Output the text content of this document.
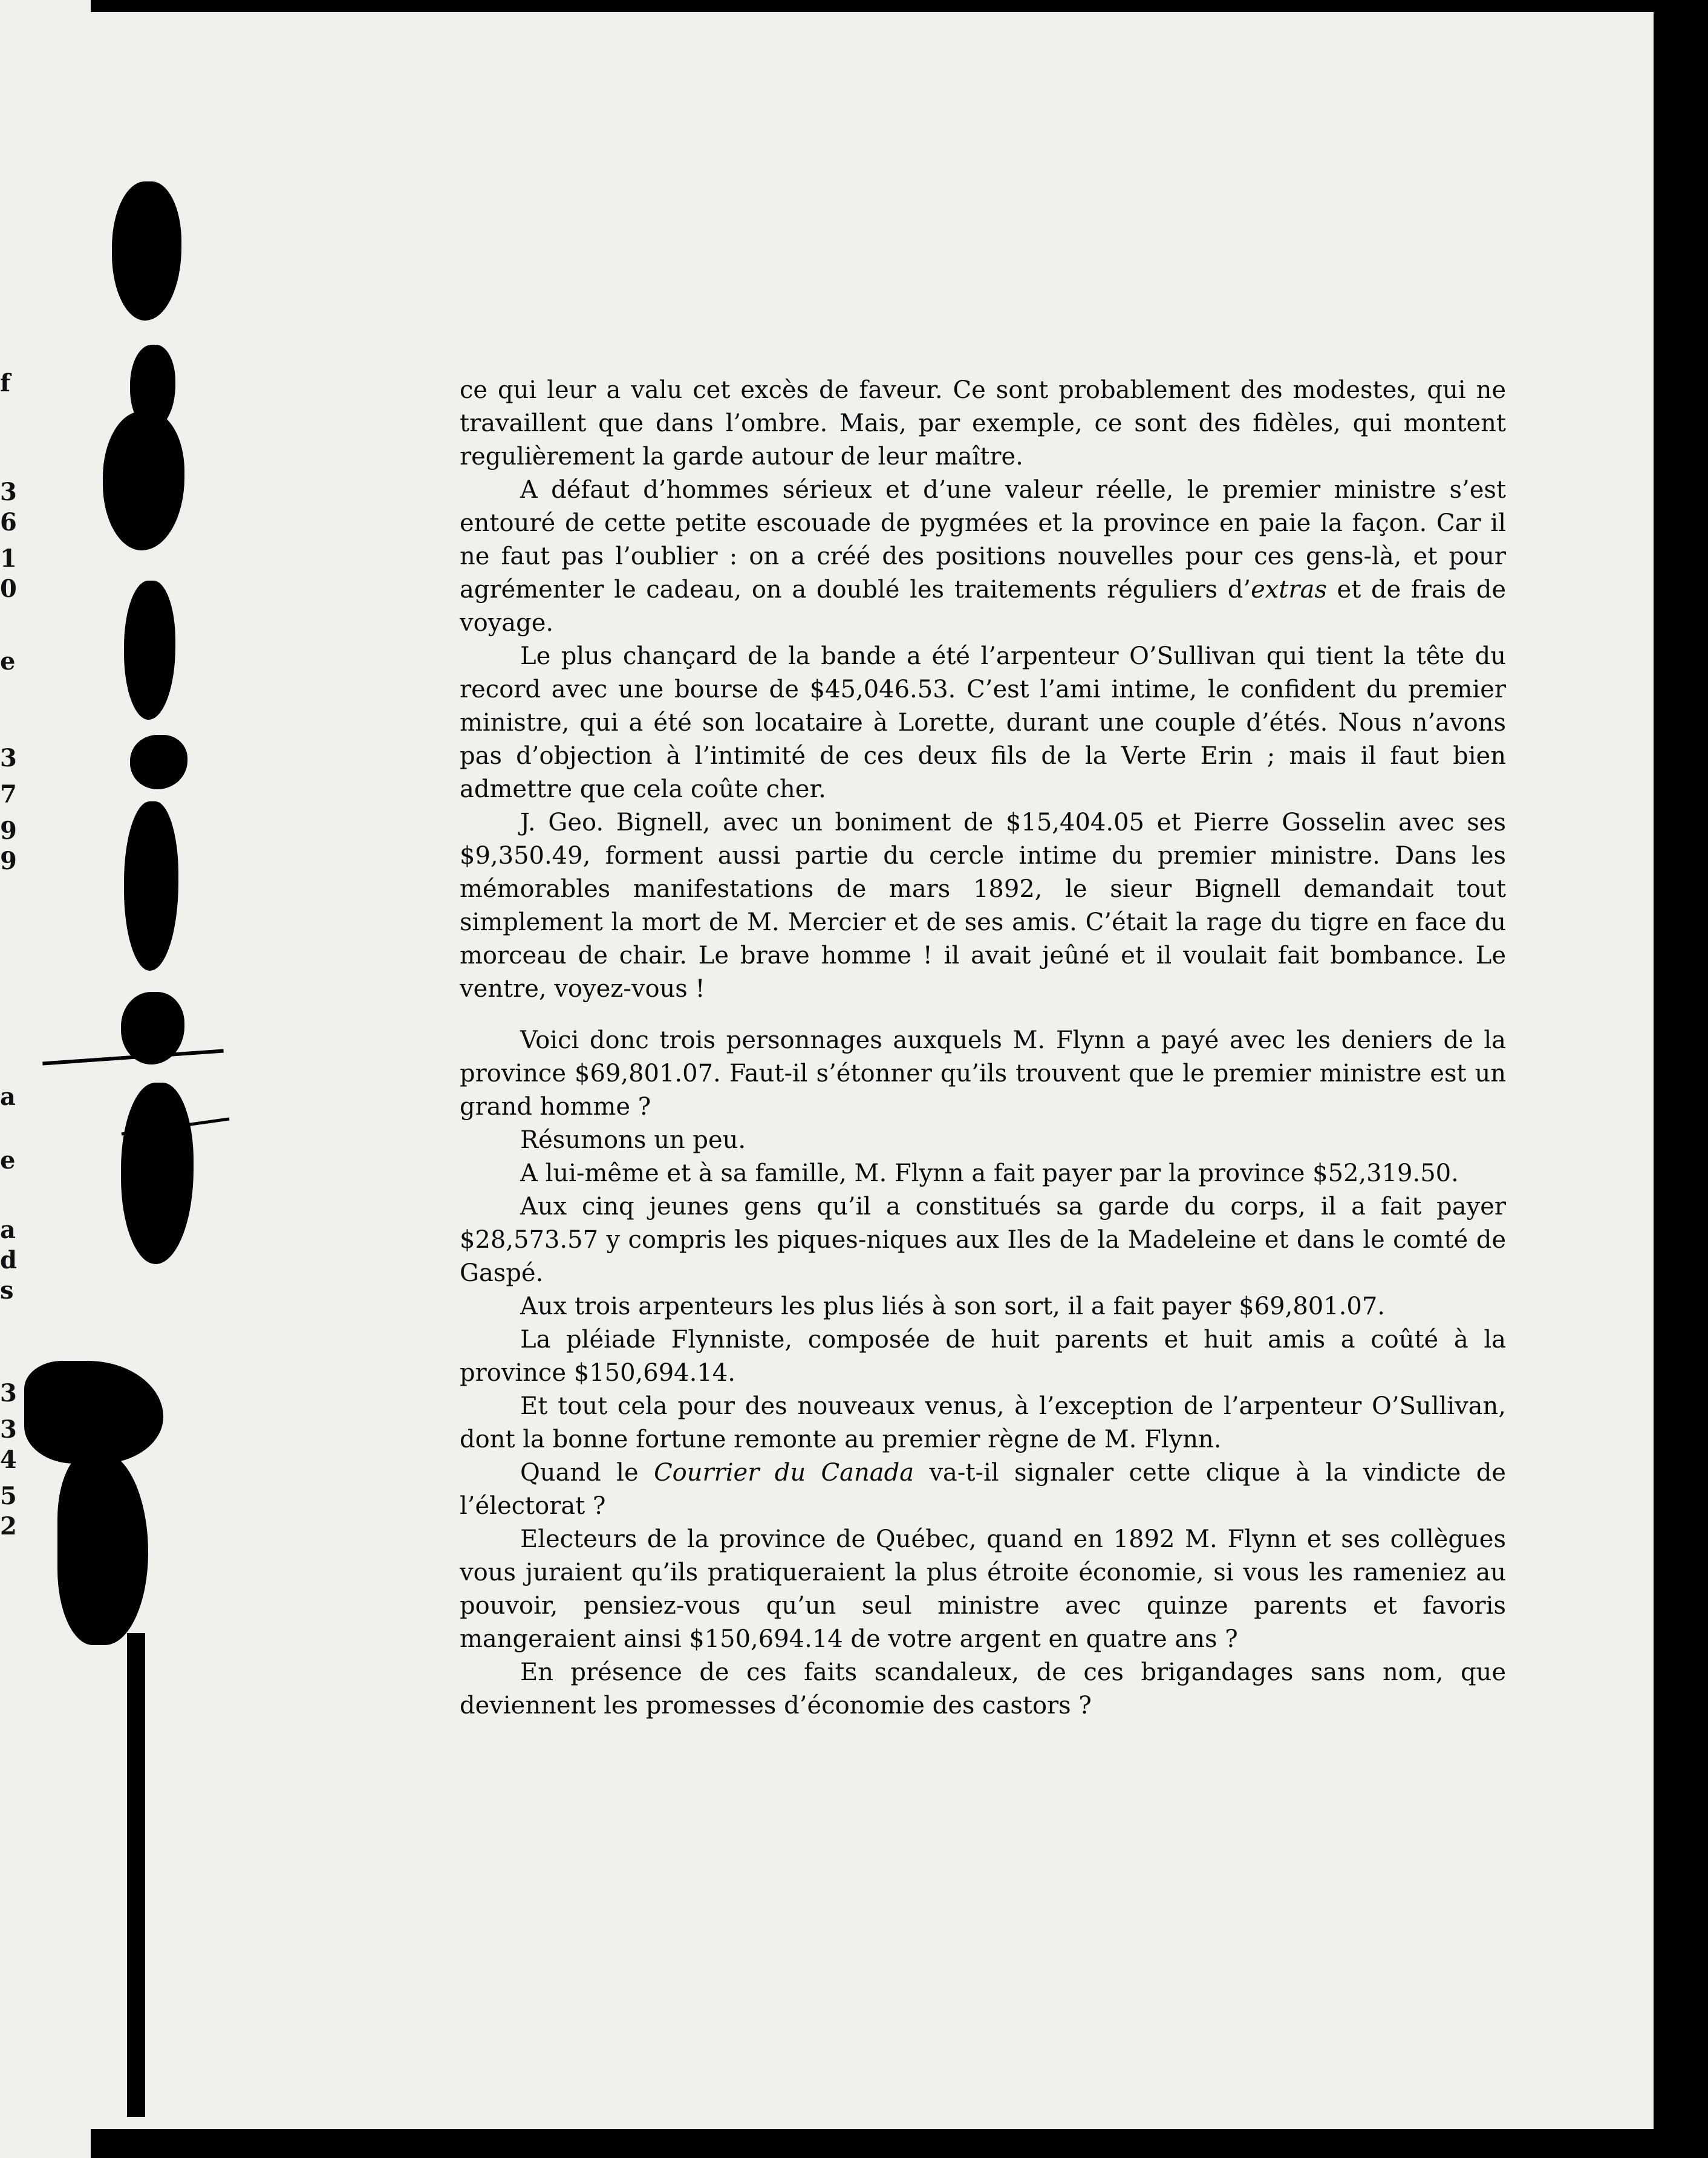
f
3
6
1
0
e
3
7
9
9
a
e
a
d
s
3
3
4
5
2

ce qui leur a valu cet excès de faveur. Ce sont probablement des modestes, qui ne travaillent que dans l’ombre. Mais, par exemple, ce sont des fidèles, qui montent regulièrement la garde autour de leur maître.

A défaut d’hommes sérieux et d’une valeur réelle, le premier ministre s’est entouré de cette petite escouade de pygmées et la province en paie la façon. Car il ne faut pas l’oublier : on a créé des positions nouvelles pour ces gens-là, et pour agrémenter le cadeau, on a doublé les traitements réguliers d’extras et de frais de voyage.

Le plus chançard de la bande a été l’arpenteur O’Sullivan qui tient la tête du record avec une bourse de $45,046.53. C’est l’ami intime, le confident du premier ministre, qui a été son locataire à Lorette, durant une couple d’étés. Nous n’avons pas d’objection à l’intimité de ces deux fils de la Verte Erin ; mais il faut bien admettre que cela coûte cher.

J. Geo. Bignell, avec un boniment de $15,404.05 et Pierre Gosselin avec ses $9,350.49, forment aussi partie du cercle intime du premier ministre. Dans les mémorables manifestations de mars 1892, le sieur Bignell demandait tout simplement la mort de M. Mercier et de ses amis. C’était la rage du tigre en face du morceau de chair. Le brave homme ! il avait jeûné et il voulait fait bombance. Le ventre, voyez-vous !

Voici donc trois personnages auxquels M. Flynn a payé avec les deniers de la province $69,801.07. Faut-il s’étonner qu’ils trouvent que le premier ministre est un grand homme ?

Résumons un peu.

A lui-même et à sa famille, M. Flynn a fait payer par la province $52,319.50.

Aux cinq jeunes gens qu’il a constitués sa garde du corps, il a fait payer $28,573.57 y compris les piques-niques aux Iles de la Madeleine et dans le comté de Gaspé.

Aux trois arpenteurs les plus liés à son sort, il a fait payer $69,801.07.

La pléiade Flynniste, composée de huit parents et huit amis a coûté à la province $150,694.14.

Et tout cela pour des nouveaux venus, à l’exception de l’arpenteur O’Sullivan, dont la bonne fortune remonte au premier règne de M. Flynn.

Quand le Courrier du Canada va-t-il signaler cette clique à la vindicte de l’électorat ?

Electeurs de la province de Québec, quand en 1892 M. Flynn et ses collègues vous juraient qu’ils pratiqueraient la plus étroite économie, si vous les rameniez au pouvoir, pensiez-vous qu’un seul ministre avec quinze parents et favoris mangeraient ainsi $150,694.14 de votre argent en quatre ans ?

En présence de ces faits scandaleux, de ces brigandages sans nom, que deviennent les promesses d’économie des castors ?
